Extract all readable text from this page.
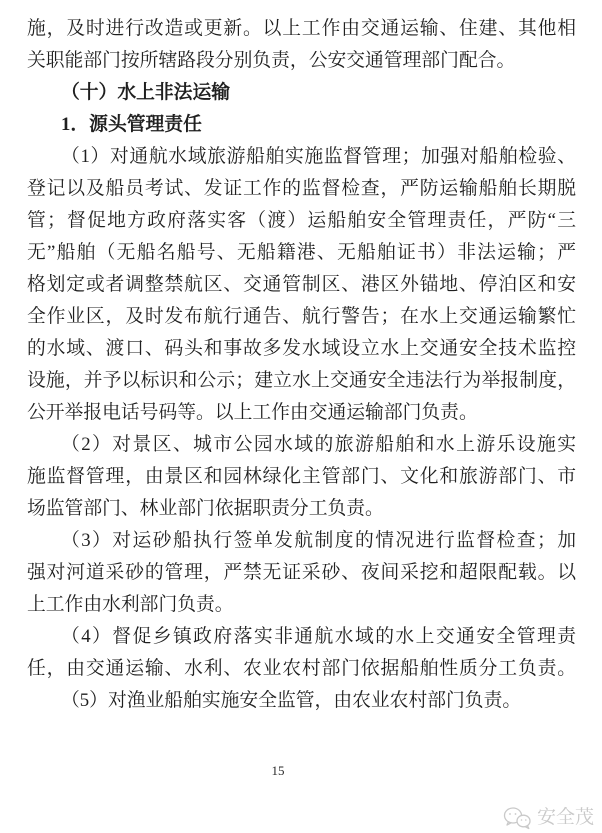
施，及时进行改造或更新。以上工作由交通运输、住建、其他相
关职能部门按所辖路段分别负责，公安交通管理部门配合。
（十）水上非法运输
1．源头管理责任
（1）对通航水域旅游船舶实施监督管理；加强对船舶检验、
登记以及船员考试、发证工作的监督检查，严防运输船舶长期脱
管；督促地方政府落实客（渡）运船舶安全管理责任，严防“三
无”船舶（无船名船号、无船籍港、无船舶证书）非法运输；严
格划定或者调整禁航区、交通管制区、港区外锚地、停泊区和安
全作业区，及时发布航行通告、航行警告；在水上交通运输繁忙
的水域、渡口、码头和事故多发水域设立水上交通安全技术监控
设施，并予以标识和公示；建立水上交通安全违法行为举报制度，
公开举报电话号码等。以上工作由交通运输部门负责。
（2）对景区、城市公园水域的旅游船舶和水上游乐设施实
施监督管理，由景区和园林绿化主管部门、文化和旅游部门、市
场监管部门、林业部门依据职责分工负责。
（3）对运砂船执行签单发航制度的情况进行监督检查；加
强对河道采砂的管理，严禁无证采砂、夜间采挖和超限配载。以
上工作由水利部门负责。
（4）督促乡镇政府落实非通航水域的水上交通安全管理责
任，由交通运输、水利、农业农村部门依据船舶性质分工负责。
（5）对渔业船舶实施安全监管，由农业农村部门负责。
15
安全茂
